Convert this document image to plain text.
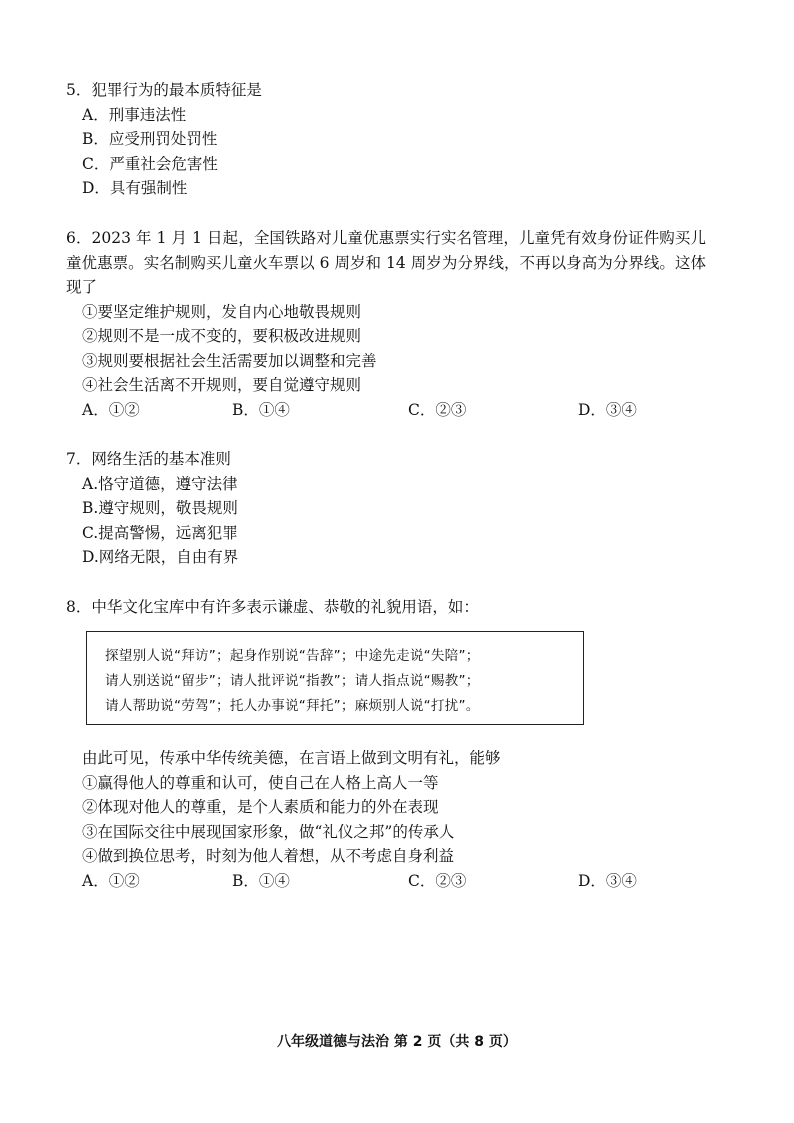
5．犯罪行为的最本质特征是
A．刑事违法性
B．应受刑罚处罚性
C．严重社会危害性
D．具有强制性
6．2023 年 1 月 1 日起，全国铁路对儿童优惠票实行实名管理，儿童凭有效身份证件购买儿童优惠票。实名制购买儿童火车票以 6 周岁和 14 周岁为分界线，不再以身高为分界线。这体现了
①要坚定维护规则，发自内心地敬畏规则
②规则不是一成不变的，要积极改进规则
③规则要根据社会生活需要加以调整和完善
④社会生活离不开规则，要自觉遵守规则
A．①②	B．①④	C．②③	D．③④
7．网络生活的基本准则
A.恪守道德，遵守法律
B.遵守规则，敬畏规则
C.提高警惕，远离犯罪
D.网络无限，自由有界
8．中华文化宝库中有许多表示谦虚、恭敬的礼貌用语，如：
探望别人说“拜访”；起身作别说“告辞”；中途先走说“失陪”；
请人别送说“留步”；请人批评说“指教”；请人指点说“赐教”；
请人帮助说“劳驾”；托人办事说“拜托”；麻烦别人说“打扰”。
由此可见，传承中华传统美德，在言语上做到文明有礼，能够
①赢得他人的尊重和认可，使自己在人格上高人一等
②体现对他人的尊重，是个人素质和能力的外在表现
③在国际交往中展现国家形象，做“礼仪之邦”的传承人
④做到换位思考，时刻为他人着想，从不考虑自身利益
A．①②	B．①④	C．②③	D．③④
八年级道德与法治 第 2 页（共 8 页）
